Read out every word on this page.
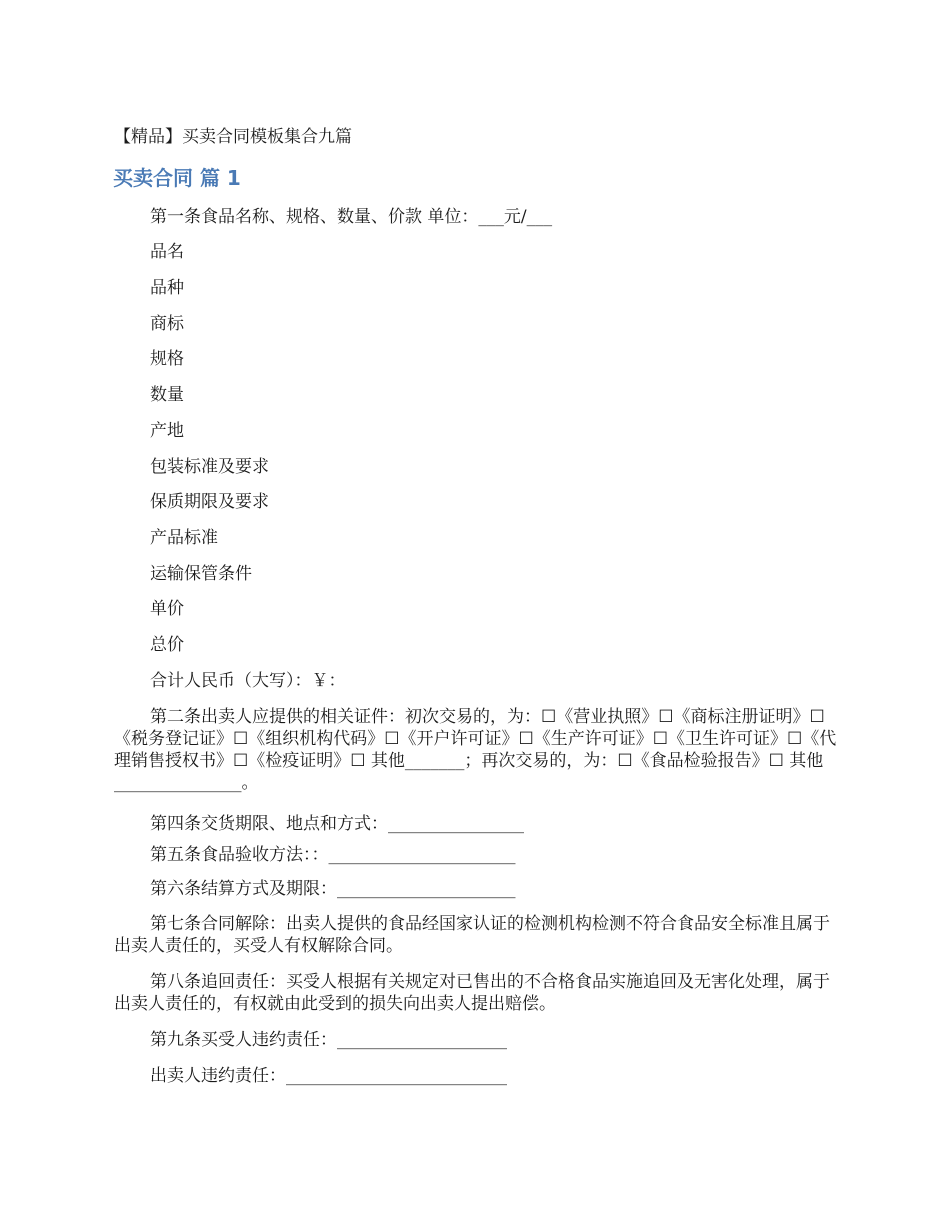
【精品】买卖合同模板集合九篇
买卖合同 篇 1

第一条食品名称、规格、数量、价款 单位：___元/___

品名
品种
商标
规格
数量
产地
包装标准及要求
保质期限及要求
产品标准
运输保管条件
单价
总价

合计人民币（大写）：￥：

第二条出卖人应提供的相关证件：初次交易的，为：☐《营业执照》☐《商标注册证明》☐《税务登记证》☐《组织机构代码》☐《开户许可证》☐《生产许可证》☐《卫生许可证》☐《代理销售授权书》☐《检疫证明》☐ 其他_______；再次交易的，为：☐《食品检验报告》☐ 其他_______________。

第四条交货期限、地点和方式：________________

第五条食品验收方法：：______________________

第六条结算方式及期限：_____________________

第七条合同解除：出卖人提供的食品经国家认证的检测机构检测不符合食品安全标准且属于出卖人责任的，买受人有权解除合同。

第八条追回责任：买受人根据有关规定对已售出的不合格食品实施追回及无害化处理，属于出卖人责任的，有权就由此受到的损失向出卖人提出赔偿。

第九条买受人违约责任：____________________

出卖人违约责任：__________________________
